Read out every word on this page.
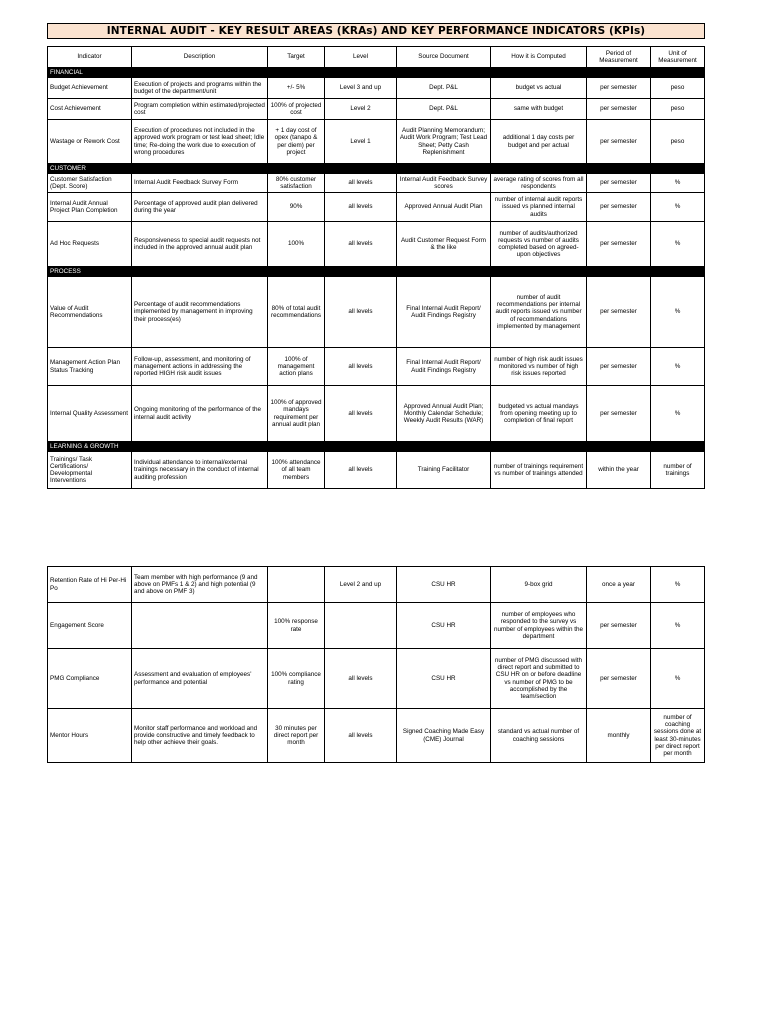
INTERNAL AUDIT - KEY RESULT AREAS (KRAs) AND KEY PERFORMANCE INDICATORS (KPIs)
Indicator	Description	Target	Level	Source Document	How it is Computed	Period of Measurement	Unit of Measurement
FINANCIAL							
Budget Achievement	Execution of projects and programs within the budget of the department/unit	+/- 5%	Level 3 and up	Dept. P&L	budget vs actual	per semester	peso
Cost Achievement	Program completion within estimated/projected cost	100% of projected cost	Level 2	Dept. P&L	same with budget	per semester	peso
Wastage or Rework Cost	Execution of procedures not included in the approved work program or test lead sheet; Idle time; Re-doing the work due to execution of wrong procedures	+ 1 day cost of opex (tanapo & per diem) per project	Level 1	Audit Planning Memorandum; Audit Work Program; Test Lead Sheet; Petty Cash Replenishment	additional 1 day costs per budget and per actual	per semester	peso
CUSTOMER							
Customer Satisfaction (Dept. Score)	Internal Audit Feedback Survey Form	80% customer satisfaction	all levels	Internal Audit Feedback Survey scores	average rating of scores from all respondents	per semester	%
Internal Audit Annual Project Plan Completion	Percentage of approved audit plan delivered during the year	90%	all levels	Approved Annual Audit Plan	number of internal audit reports issued vs planned internal audits	per semester	%
Ad Hoc Requests	Responsiveness to special audit requests not included in the approved annual audit plan	100%	all levels	Audit Customer Request Form & the like	number of audits/authorized requests vs number of audits completed based on agreed-upon objectives	per semester	%
PROCESS							
Value of Audit Recommendations	Percentage of audit recommendations implemented by management in improving their process(es)	80% of total audit recommendations	all levels	Final Internal Audit Report/ Audit Findings Registry	number of audit recommendations per internal audit reports issued vs number of recommendations implemented by management	per semester	%
Management Action Plan Status Tracking	Follow-up, assessment, and monitoring of management actions in addressing the reported HIGH risk audit issues	100% of management action plans	all levels	Final Internal Audit Report/ Audit Findings Registry	number of high risk audit issues monitored vs number of high risk issues reported	per semester	%
Internal Quality Assessment	Ongoing monitoring of the performance of the internal audit activity	100% of approved mandays requirement per annual audit plan	all levels	Approved Annual Audit Plan; Monthly Calendar Schedule; Weekly Audit Results (WAR)	budgeted vs actual mandays from opening meeting up to completion of final report	per semester	%
LEARNING & GROWTH							
Trainings/ Task Certifications/ Developmental Interventions	Individual attendance to internal/external trainings necessary in the conduct of internal auditing profession	100% attendance of all team members	all levels	Training Facilitator	number of trainings requirement vs number of trainings attended	within the year	number of trainings
Retention Rate of Hi Per-Hi Po	Team member with high performance (9 and above on PMFs 1 & 2) and high potential (9 and above on PMF 3)		Level 2 and up	CSU HR	9-box grid	once a year	%
Engagement Score		100% response rate		CSU HR	number of employees who responded to the survey vs number of employees within the department	per semester	%
PMG Compliance	Assessment and evaluation of employees' performance and potential	100% compliance rating	all levels	CSU HR	number of PMG discussed with direct report and submitted to CSU HR on or before deadline vs number of PMG to be accomplished by the team/section	per semester	%
Mentor Hours	Monitor staff performance and workload and provide constructive and timely feedback to help other achieve their goals.	30 minutes per direct report per month	all levels	Signed Coaching Made Easy (CME) Journal	standard vs actual number of coaching sessions	monthly	number of coaching sessions done at least 30-minutes per direct report per month
